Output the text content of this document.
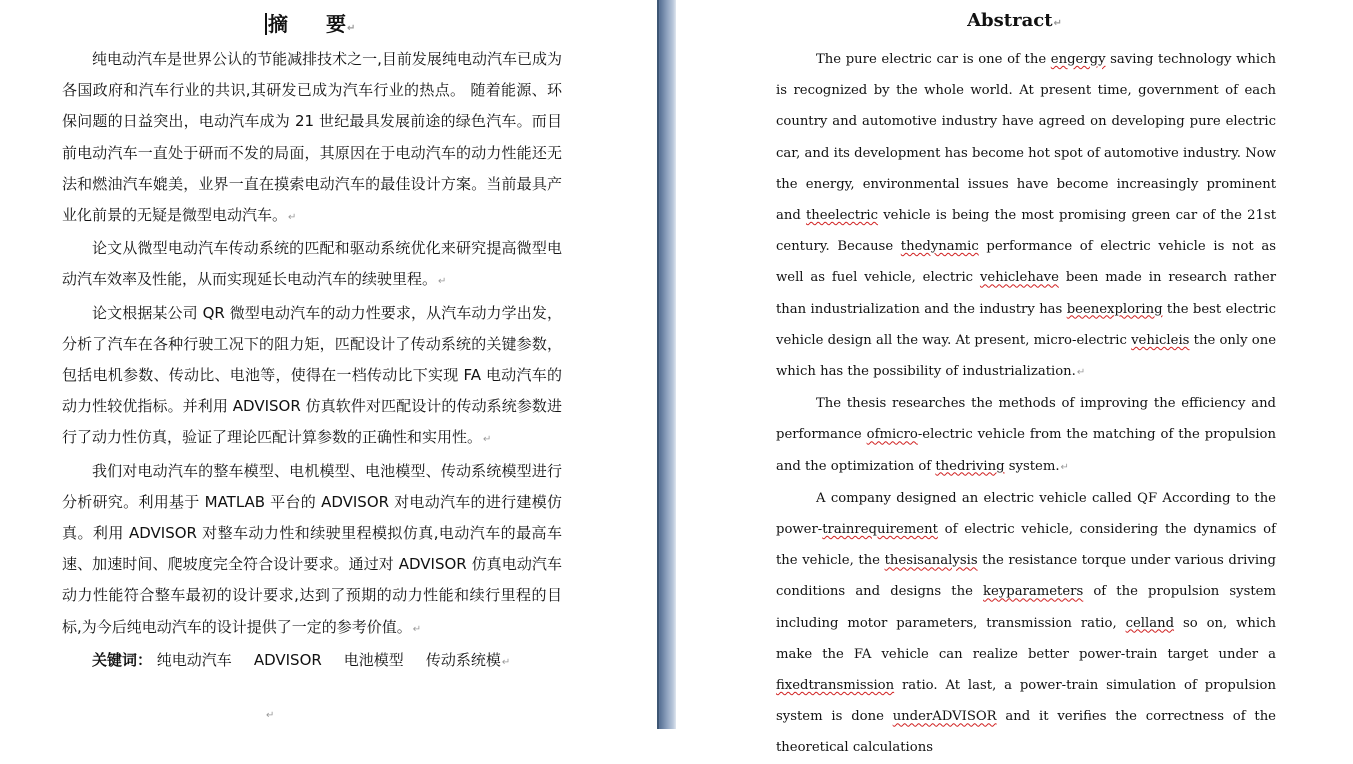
摘 要↵

纯电动汽车是世界公认的节能减排技术之一,目前发展纯电动汽车已成为各国政府和汽车行业的共识,其研发已成为汽车行业的热点。 随着能源、环保问题的日益突出，电动汽车成为 21 世纪最具发展前途的绿色汽车。而目前电动汽车一直处于研而不发的局面，其原因在于电动汽车的动力性能还无法和燃油汽车媲美，业界一直在摸索电动汽车的最佳设计方案。当前最具产业化前景的无疑是微型电动汽车。↵

论文从微型电动汽车传动系统的匹配和驱动系统优化来研究提高微型电动汽车效率及性能，从而实现延长电动汽车的续驶里程。↵

论文根据某公司 QR 微型电动汽车的动力性要求，从汽车动力学出发，分析了汽车在各种行驶工况下的阻力矩，匹配设计了传动系统的关键参数，包括电机参数、传动比、电池等，使得在一档传动比下实现 FA 电动汽车的动力性较优指标。并利用 ADVISOR 仿真软件对匹配设计的传动系统参数进行了动力性仿真，验证了理论匹配计算参数的正确性和实用性。↵

我们对电动汽车的整车模型、电机模型、电池模型、传动系统模型进行分析研究。利用基于 MATLAB 平台的 ADVISOR 对电动汽车的进行建模仿真。利用 ADVISOR 对整车动力性和续驶里程模拟仿真,电动汽车的最高车速、加速时间、爬坡度完全符合设计要求。通过对 ADVISOR 仿真电动汽车动力性能符合整车最初的设计要求,达到了预期的动力性能和续行里程的目标,为今后纯电动汽车的设计提供了一定的参考价值。↵

关键词： 纯电动汽车 ADVISOR 电池模型 传动系统模↵

↵
Abstract↵

The pure electric car is one of the engergy saving technology which is recognized by the whole world. At present time, government of each country and automotive industry have agreed on developing pure electric car, and its development has become hot spot of automotive industry. Now the energy, environmental issues have become increasingly prominent and theelectric vehicle is being the most promising green car of the 21st century. Because thedynamic performance of electric vehicle is not as well as fuel vehicle, electric vehiclehave been made in research rather than industrialization and the industry has beenexploring the best electric vehicle design all the way. At present, micro-electric vehicleis the only one which has the possibility of industrialization.↵

The thesis researches the methods of improving the efficiency and performance ofmicro-electric vehicle from the matching of the propulsion and the optimization of thedriving system.↵

A company designed an electric vehicle called QF According to the power-trainrequirement of electric vehicle, considering the dynamics of the vehicle, the thesisanalysis the resistance torque under various driving conditions and designs the keyparameters of the propulsion system including motor parameters, transmission ratio, celland so on, which make the FA vehicle can realize better power-train target under a fixedtransmission ratio. At last, a power-train simulation of propulsion system is done underADVISOR and it verifies the correctness of the theoretical calculations
